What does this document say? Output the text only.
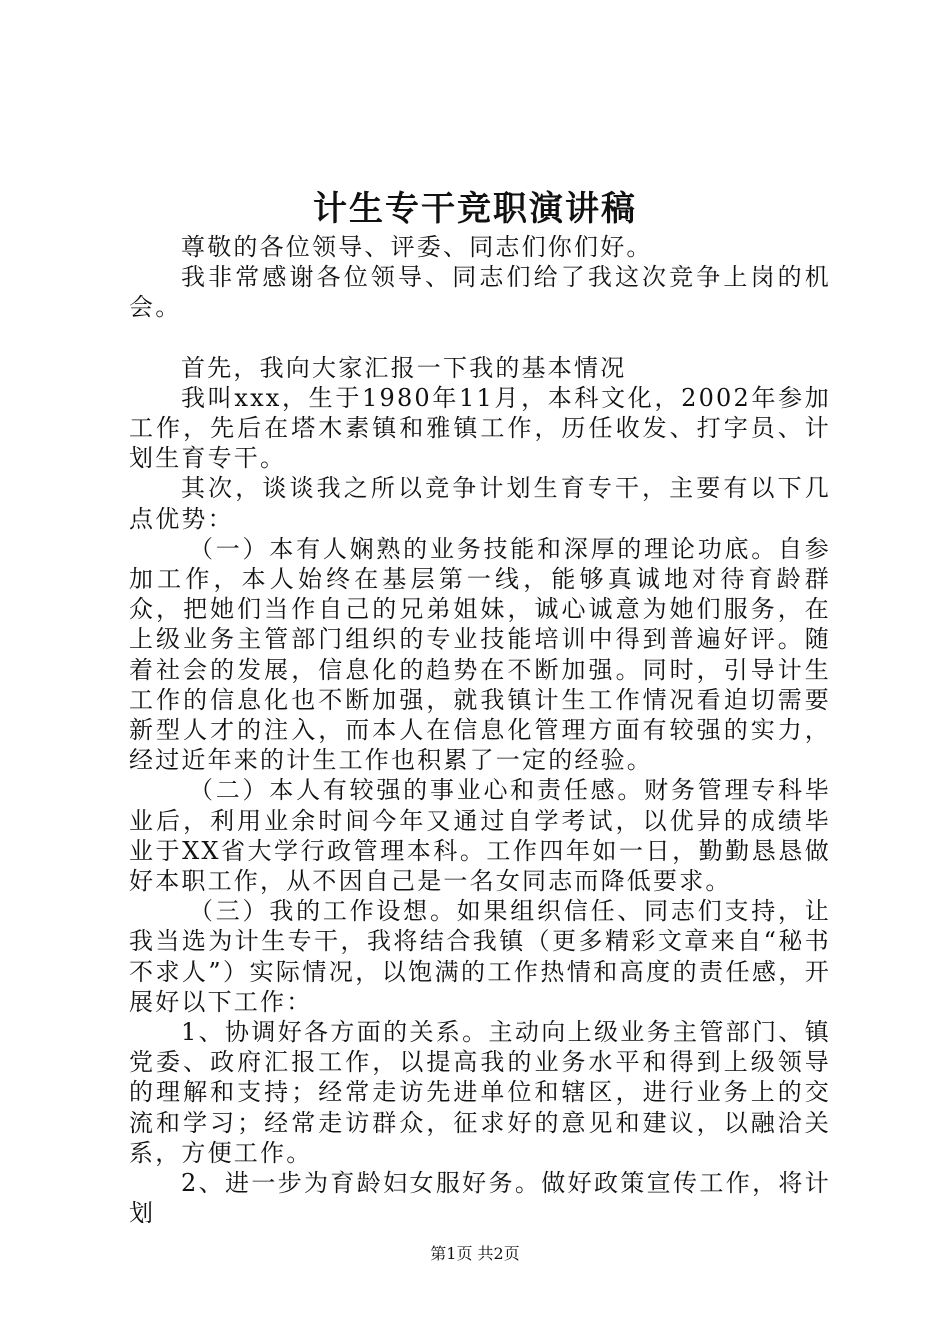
计生专干竞职演讲稿

尊敬的各位领导、评委、同志们你们好。

我非常感谢各位领导、同志们给了我这次竞争上岗的机会。

首先，我向大家汇报一下我的基本情况

我叫xxx，生于1980年11月，本科文化，2002年参加工作，先后在塔木素镇和雅镇工作，历任收发、打字员、计划生育专干。

其次，谈谈我之所以竞争计划生育专干，主要有以下几点优势：

（一）本有人娴熟的业务技能和深厚的理论功底。自参加工作，本人始终在基层第一线，能够真诚地对待育龄群众，把她们当作自己的兄弟姐妹，诚心诚意为她们服务，在上级业务主管部门组织的专业技能培训中得到普遍好评。随着社会的发展，信息化的趋势在不断加强。同时，引导计生工作的信息化也不断加强，就我镇计生工作情况看迫切需要新型人才的注入，而本人在信息化管理方面有较强的实力，经过近年来的计生工作也积累了一定的经验。

（二）本人有较强的事业心和责任感。财务管理专科毕业后，利用业余时间今年又通过自学考试，以优异的成绩毕业于XX省大学行政管理本科。工作四年如一日，勤勤恳恳做好本职工作，从不因自己是一名女同志而降低要求。

（三）我的工作设想。如果组织信任、同志们支持，让我当选为计生专干，我将结合我镇（更多精彩文章来自“秘书不求人”）实际情况，以饱满的工作热情和高度的责任感，开展好以下工作：

1、协调好各方面的关系。主动向上级业务主管部门、镇党委、政府汇报工作，以提高我的业务水平和得到上级领导的理解和支持；经常走访先进单位和辖区，进行业务上的交流和学习；经常走访群众，征求好的意见和建议，以融洽关系，方便工作。

2、进一步为育龄妇女服好务。做好政策宣传工作，将计划

第1页 共2页
